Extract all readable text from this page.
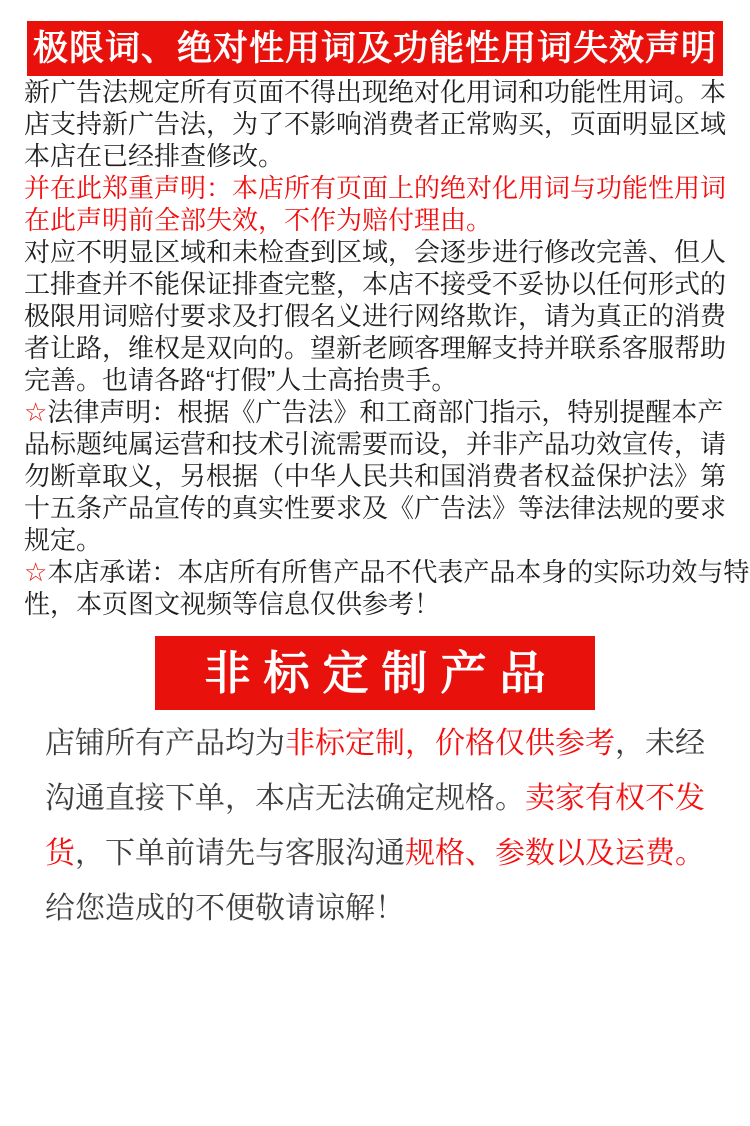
极限词、绝对性用词及功能性用词失效声明

新广告法规定所有页面不得出现绝对化用词和功能性用词。本店支持新广告法，为了不影响消费者正常购买，页面明显区域本店在已经排查修改。

并在此郑重声明：本店所有页面上的绝对化用词与功能性用词在此声明前全部失效，不作为赔付理由。

对应不明显区域和未检查到区域，会逐步进行修改完善、但人工排查并不能保证排查完整，本店不接受不妥协以任何形式的极限用词赔付要求及打假名义进行网络欺诈，请为真正的消费者让路，维权是双向的。望新老顾客理解支持并联系客服帮助完善。也请各路“打假”人士高抬贵手。

☆法律声明：根据《广告法》和工商部门指示，特别提醒本产品标题纯属运营和技术引流需要而设，并非产品功效宣传，请勿断章取义，另根据（中华人民共和国消费者权益保护法》第十五条产品宣传的真实性要求及《广告法》等法律法规的要求规定。

☆本店承诺：本店所有所售产品不代表产品本身的实际功效与特性，本页图文视频等信息仅供参考！

非标定制产品

店铺所有产品均为非标定制，价格仅供参考，未经沟通直接下单，本店无法确定规格。卖家有权不发货，下单前请先与客服沟通规格、参数以及运费。

给您造成的不便敬请谅解！
